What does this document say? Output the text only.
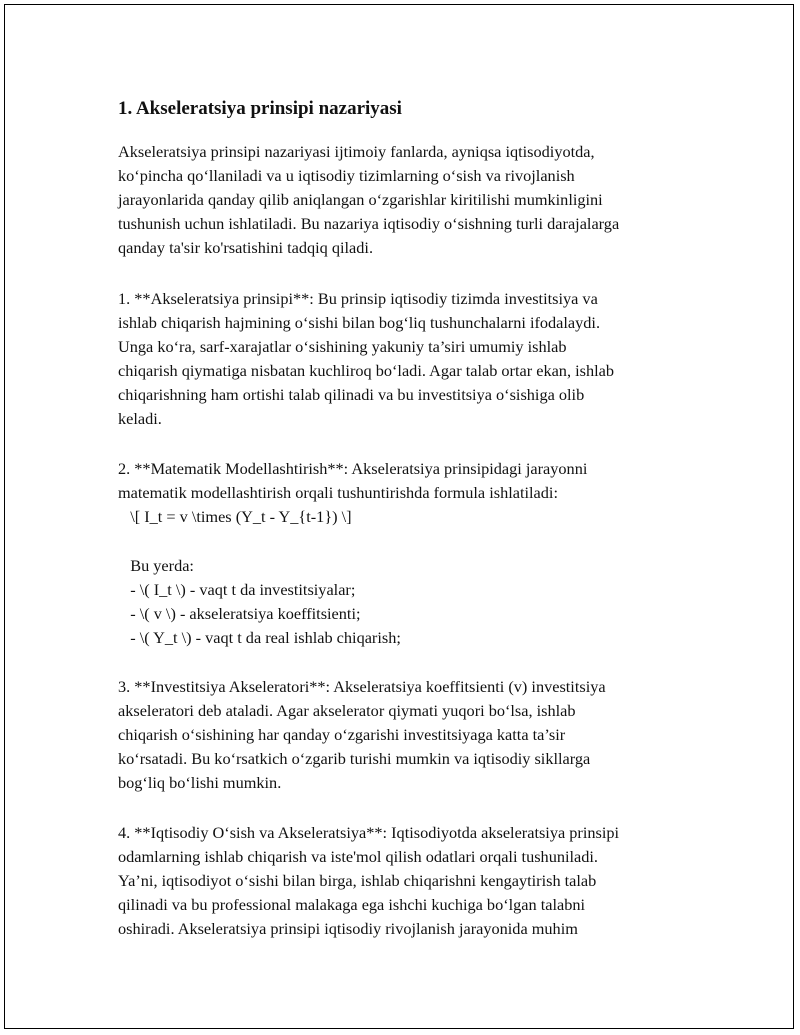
1. Akseleratsiya prinsipi nazariyasi
Akseleratsiya prinsipi nazariyasi ijtimoiy fanlarda, ayniqsa iqtisodiyotda,
ko‘pincha qo‘llaniladi va u iqtisodiy tizimlarning o‘sish va rivojlanish
jarayonlarida qanday qilib aniqlangan o‘zgarishlar kiritilishi mumkinligini
tushunish uchun ishlatiladi. Bu nazariya iqtisodiy o‘sishning turli darajalarga
qanday ta'sir ko'rsatishini tadqiq qiladi.
1. **Akseleratsiya prinsipi**: Bu prinsip iqtisodiy tizimda investitsiya va
ishlab chiqarish hajmining o‘sishi bilan bog‘liq tushunchalarni ifodalaydi.
Unga ko‘ra, sarf-xarajatlar o‘sishining yakuniy ta’siri umumiy ishlab
chiqarish qiymatiga nisbatan kuchliroq bo‘ladi. Agar talab ortar ekan, ishlab
chiqarishning ham ortishi talab qilinadi va bu investitsiya o‘sishiga olib
keladi.
2. **Matematik Modellashtirish**: Akseleratsiya prinsipidagi jarayonni
matematik modellashtirish orqali tushuntirishda formula ishlatiladi:
\[ I_t = v \times (Y_t - Y_{t-1}) \]
Bu yerda:
- \( I_t \) - vaqt t da investitsiyalar;
- \( v \) - akseleratsiya koeffitsienti;
- \( Y_t \) - vaqt t da real ishlab chiqarish;
3. **Investitsiya Akseleratori**: Akseleratsiya koeffitsienti (v) investitsiya
akseleratori deb ataladi. Agar akselerator qiymati yuqori bo‘lsa, ishlab
chiqarish o‘sishining har qanday o‘zgarishi investitsiyaga katta ta’sir
ko‘rsatadi. Bu ko‘rsatkich o‘zgarib turishi mumkin va iqtisodiy sikllarga
bog‘liq bo‘lishi mumkin.
4. **Iqtisodiy O‘sish va Akseleratsiya**: Iqtisodiyotda akseleratsiya prinsipi
odamlarning ishlab chiqarish va iste'mol qilish odatlari orqali tushuniladi.
Ya’ni, iqtisodiyot o‘sishi bilan birga, ishlab chiqarishni kengaytirish talab
qilinadi va bu professional malakaga ega ishchi kuchiga bo‘lgan talabni
oshiradi. Akseleratsiya prinsipi iqtisodiy rivojlanish jarayonida muhim
